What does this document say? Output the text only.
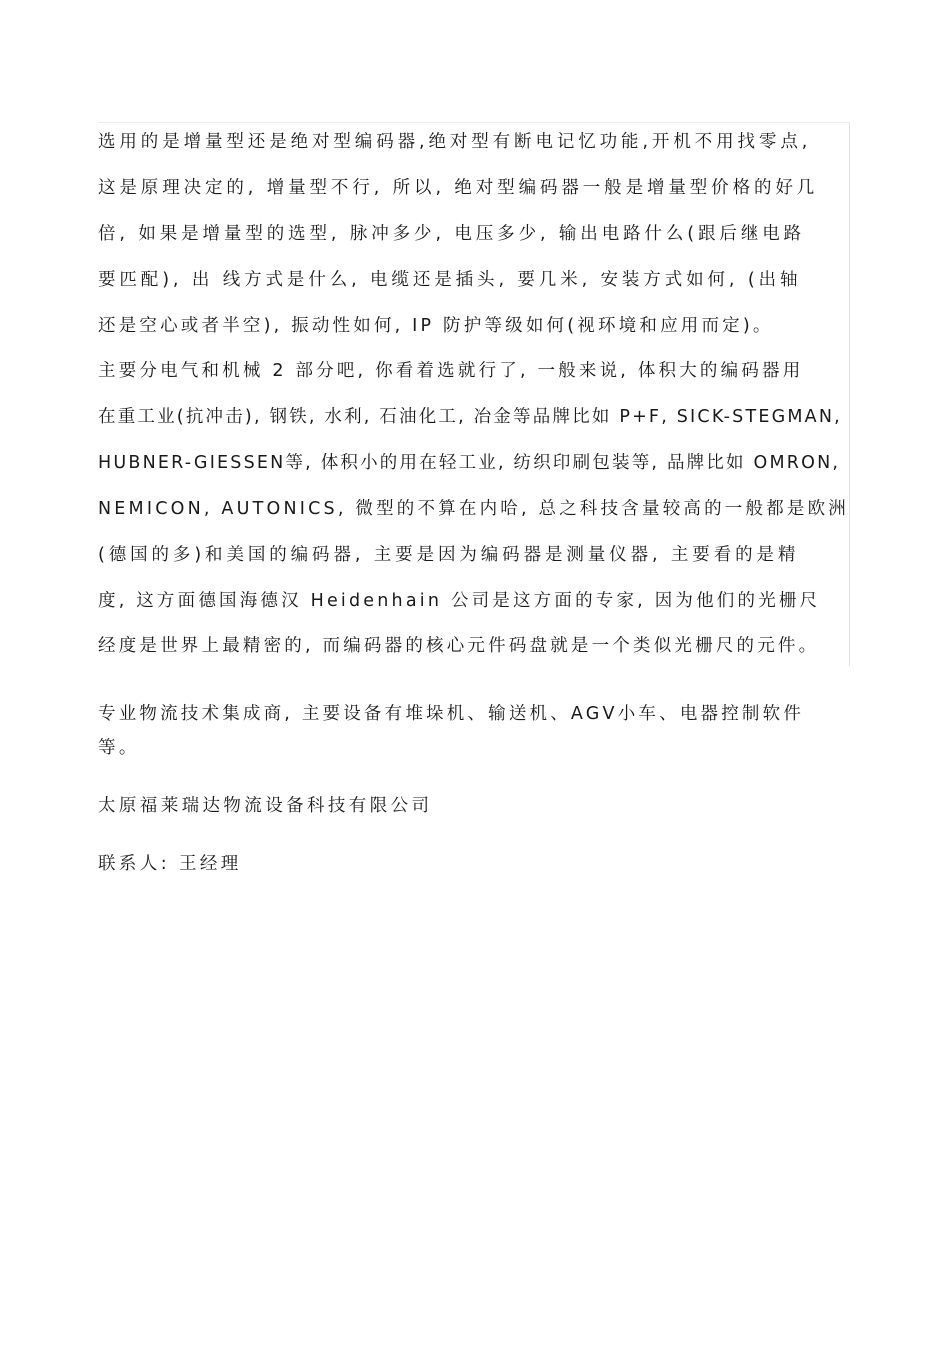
选用的是增量型还是绝对型编码器,绝对型有断电记忆功能,开机不用找零点,
这是原理决定的, 增量型不行, 所以, 绝对型编码器一般是增量型价格的好几
倍, 如果是增量型的选型, 脉冲多少, 电压多少, 输出电路什么(跟后继电路
要匹配), 出 线方式是什么, 电缆还是插头, 要几米, 安装方式如何, (出轴
还是空心或者半空), 振动性如何, IP 防护等级如何(视环境和应用而定)。
主要分电气和机械 2 部分吧, 你看着选就行了, 一般来说, 体积大的编码器用
在重工业(抗冲击), 钢铁, 水利, 石油化工, 冶金等品牌比如 P+F, SICK-STEGMAN,
HUBNER-GIESSEN等, 体积小的用在轻工业, 纺织印刷包装等, 品牌比如 OMRON,
NEMICON, AUTONICS, 微型的不算在内哈, 总之科技含量较高的一般都是欧洲
(德国的多)和美国的编码器, 主要是因为编码器是测量仪器, 主要看的是精
度, 这方面德国海德汉 Heidenhain 公司是这方面的专家, 因为他们的光栅尺
经度是世界上最精密的, 而编码器的核心元件码盘就是一个类似光栅尺的元件。
专业物流技术集成商, 主要设备有堆垛机、输送机、AGV小车、电器控制软件
等。
太原福莱瑞达物流设备科技有限公司
联系人: 王经理
